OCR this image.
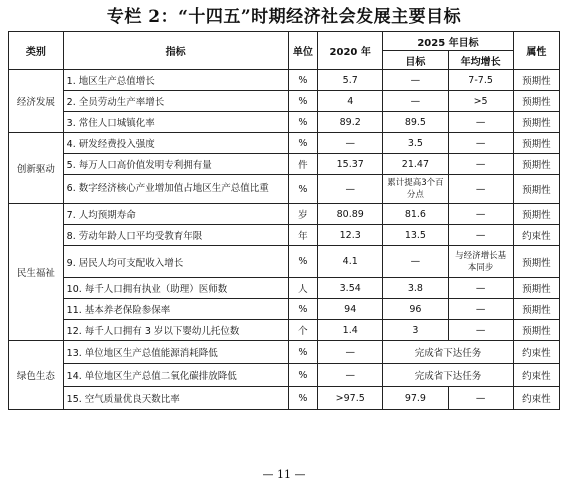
专栏 2：“十四五”时期经济社会发展主要目标
类别	指标	单位	2020 年	2025 年目标		属性
				目标	年均增长	
经济发展	1. 地区生产总值增长	%	5.7	—	7-7.5	预期性
	2. 全员劳动生产率增长	%	4	—	>5	预期性
	3. 常住人口城镇化率	%	89.2	89.5	—	预期性
创新驱动	4. 研发经费投入强度	%	—	3.5	—	预期性
	5. 每万人口高价值发明专利拥有量	件	15.37	21.47	—	预期性
	6. 数字经济核心产业增加值占地区生产总值比重	%	—	累计提高3个百分点	—	预期性
民生福祉	7. 人均预期寿命	岁	80.89	81.6	—	预期性
	8. 劳动年龄人口平均受教育年限	年	12.3	13.5	—	约束性
	9. 居民人均可支配收入增长	%	4.1	—	与经济增长基本同步	预期性
	10. 每千人口拥有执业（助理）医师数	人	3.54	3.8	—	预期性
	11. 基本养老保险参保率	%	94	96	—	预期性
	12. 每千人口拥有 3 岁以下婴幼儿托位数	个	1.4	3	—	预期性
绿色生态	13. 单位地区生产总值能源消耗降低	%	—	完成省下达任务		约束性
	14. 单位地区生产总值二氧化碳排放降低	%	—	完成省下达任务		约束性
	15. 空气质量优良天数比率	%	>97.5	97.9	—	约束性
— 11 —
